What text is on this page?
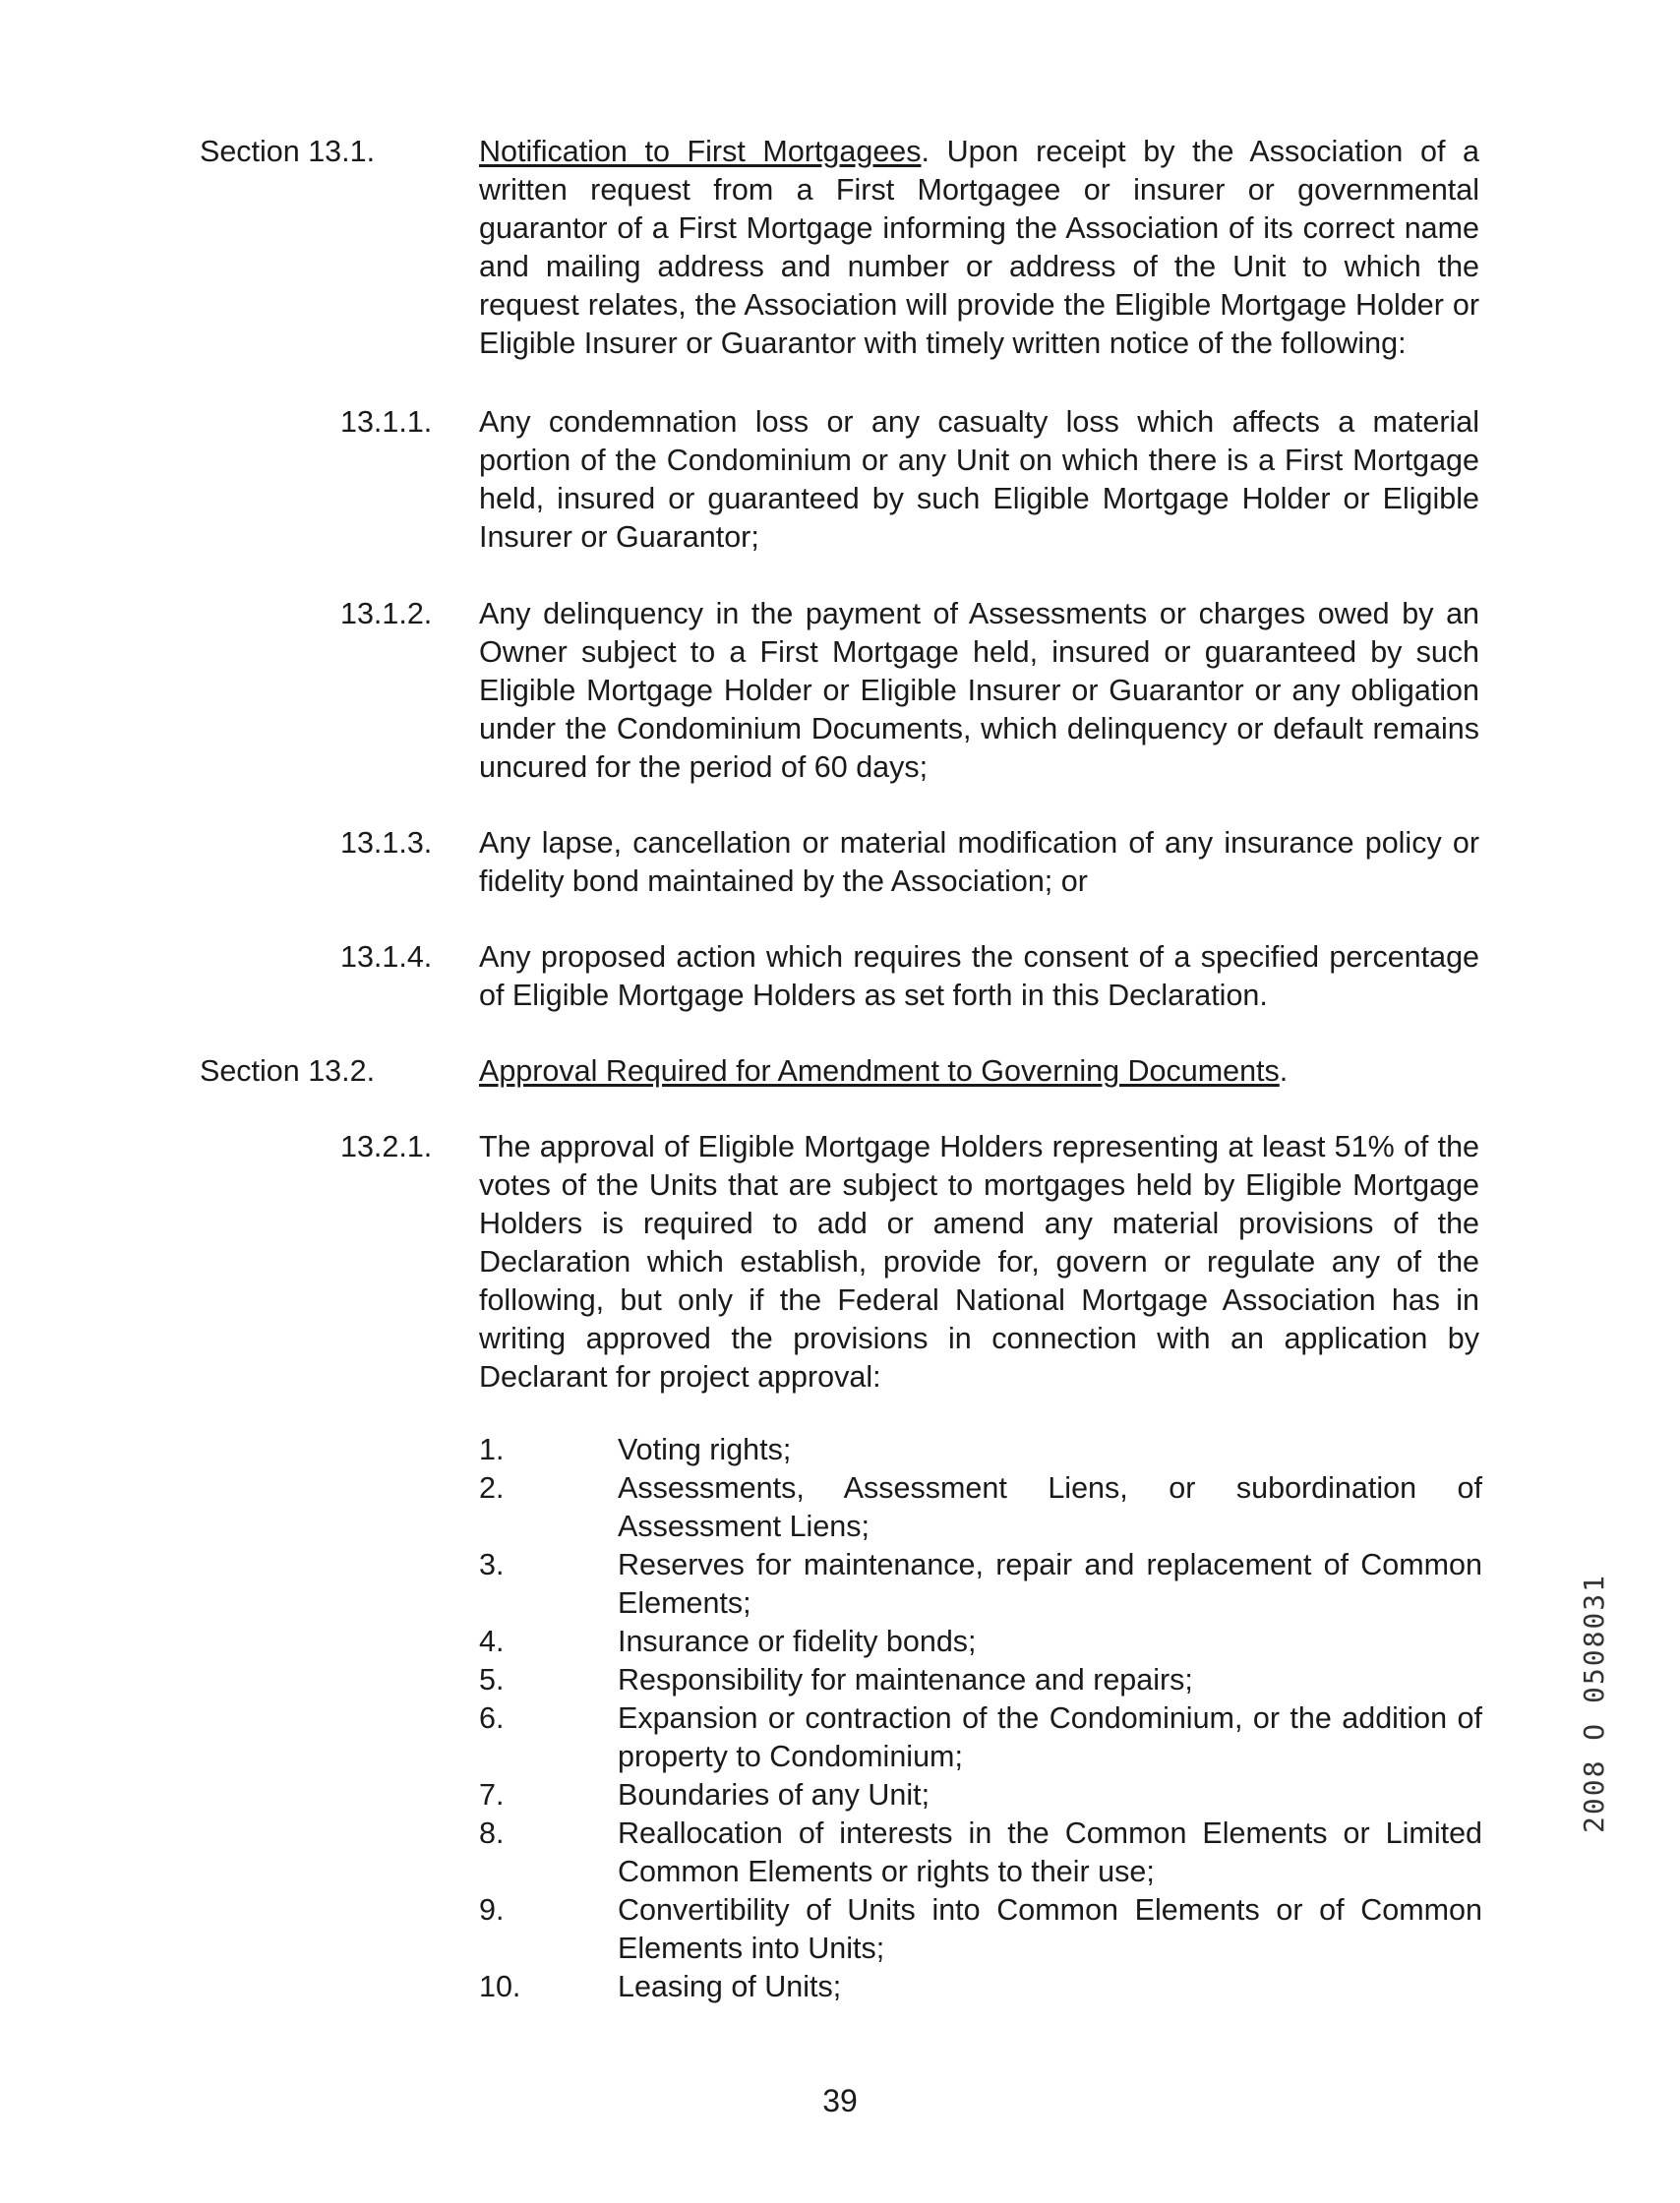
Section 13.1.	Notification to First Mortgagees. Upon receipt by the Association of a written request from a First Mortgagee or insurer or governmental guarantor of a First Mortgage informing the Association of its correct name and mailing address and number or address of the Unit to which the request relates, the Association will provide the Eligible Mortgage Holder or Eligible Insurer or Guarantor with timely written notice of the following:
13.1.1. Any condemnation loss or any casualty loss which affects a material portion of the Condominium or any Unit on which there is a First Mortgage held, insured or guaranteed by such Eligible Mortgage Holder or Eligible Insurer or Guarantor;
13.1.2. Any delinquency in the payment of Assessments or charges owed by an Owner subject to a First Mortgage held, insured or guaranteed by such Eligible Mortgage Holder or Eligible Insurer or Guarantor or any obligation under the Condominium Documents, which delinquency or default remains uncured for the period of 60 days;
13.1.3. Any lapse, cancellation or material modification of any insurance policy or fidelity bond maintained by the Association; or
13.1.4. Any proposed action which requires the consent of a specified percentage of Eligible Mortgage Holders as set forth in this Declaration.
Section 13.2.	Approval Required for Amendment to Governing Documents.
13.2.1. The approval of Eligible Mortgage Holders representing at least 51% of the votes of the Units that are subject to mortgages held by Eligible Mortgage Holders is required to add or amend any material provisions of the Declaration which establish, provide for, govern or regulate any of the following, but only if the Federal National Mortgage Association has in writing approved the provisions in connection with an application by Declarant for project approval:
1.	Voting rights;
2.	Assessments, Assessment Liens, or subordination of Assessment Liens;
3.	Reserves for maintenance, repair and replacement of Common Elements;
4.	Insurance or fidelity bonds;
5.	Responsibility for maintenance and repairs;
6.	Expansion or contraction of the Condominium, or the addition of property to Condominium;
7.	Boundaries of any Unit;
8.	Reallocation of interests in the Common Elements or Limited Common Elements or rights to their use;
9.	Convertibility of Units into Common Elements or of Common Elements into Units;
10.	Leasing of Units;
2008 O 0508031
39
